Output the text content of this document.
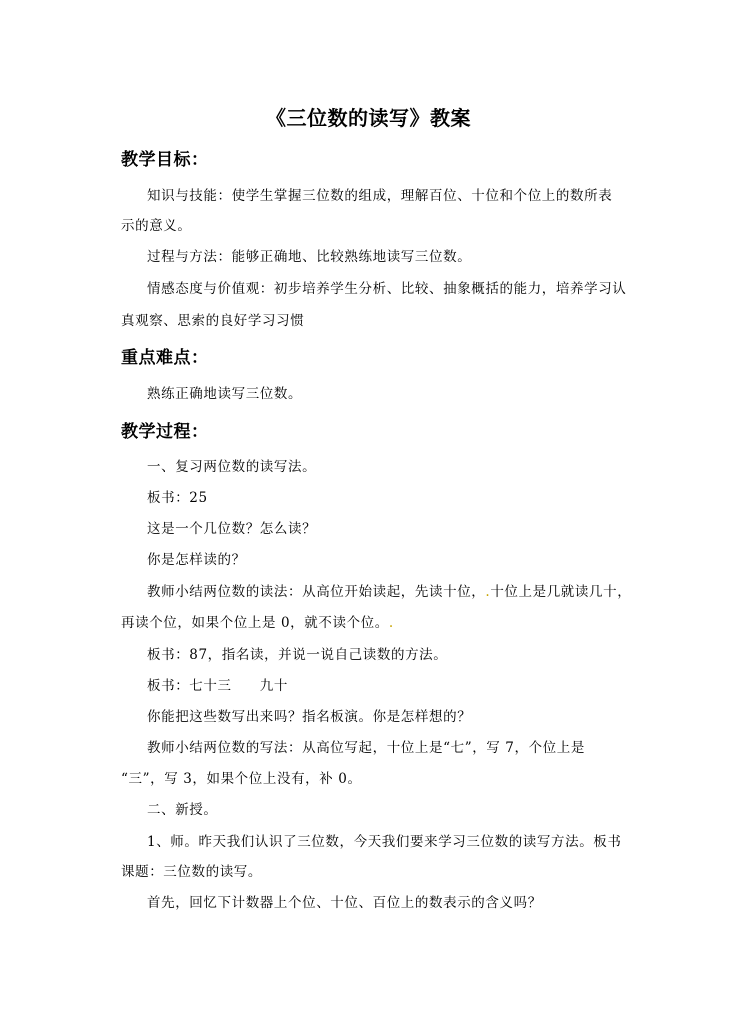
《三位数的读写》教案
教学目标：
知识与技能：使学生掌握三位数的组成，理解百位、十位和个位上的数所表
示的意义。
过程与方法：能够正确地、比较熟练地读写三位数。
情感态度与价值观：初步培养学生分析、比较、抽象概括的能力，培养学习认
真观察、思索的良好学习习惯
重点难点：
熟练正确地读写三位数。
教学过程：
一、复习两位数的读写法。
板书：25
这是一个几位数？怎么读？
你是怎样读的？
教师小结两位数的读法：从高位开始读起，先读十位，.十位上是几就读几十，
再读个位，如果个位上是 0，就不读个位。.
板书：87，指名读，并说一说自己读数的方法。
板书：七十三　　九十
你能把这些数写出来吗？指名板演。你是怎样想的？
教师小结两位数的写法：从高位写起，十位上是“七”，写 7，个位上是
“三”，写 3，如果个位上没有，补 0。
二、新授。
1、师。昨天我们认识了三位数，今天我们要来学习三位数的读写方法。板书
课题：三位数的读写。
首先，回忆下计数器上个位、十位、百位上的数表示的含义吗？
